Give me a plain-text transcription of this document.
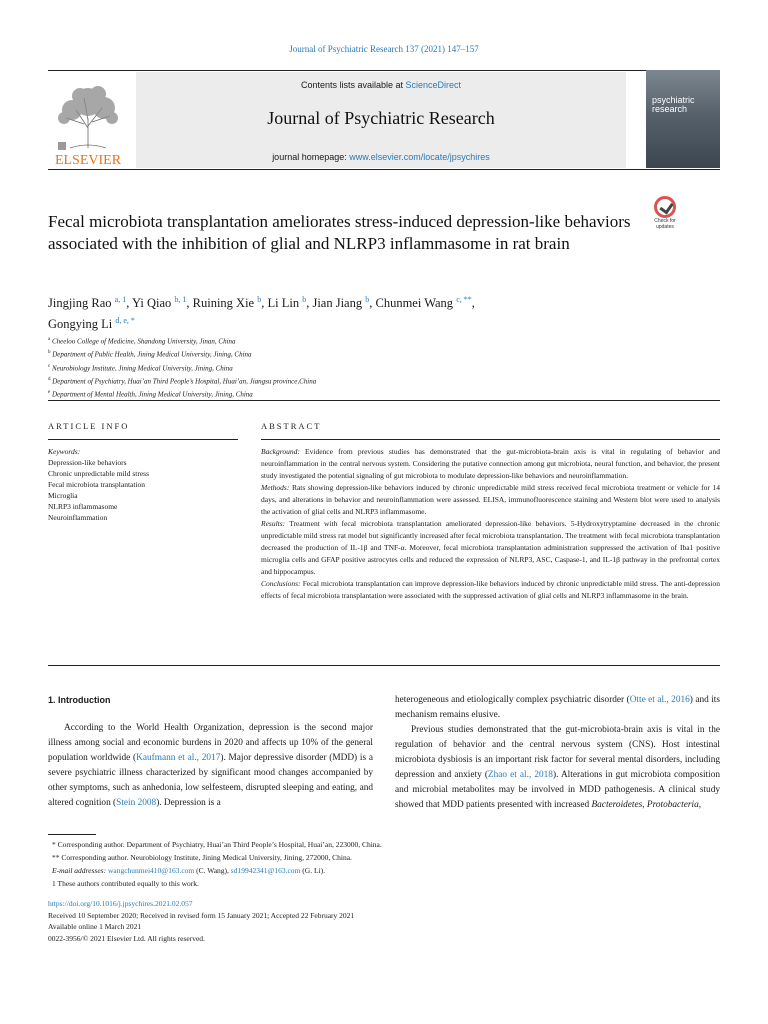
Journal of Psychiatric Research 137 (2021) 147–157
ELSEVIER
Contents lists available at ScienceDirect
Journal of Psychiatric Research
journal homepage: www.elsevier.com/locate/jpsychires
psychiatric
research
Check for
updates
Fecal microbiota transplantation ameliorates stress-induced depression-like behaviors associated with the inhibition of glial and NLRP3 inflammasome in rat brain
Jingjing Rao $^{a, 1}$, Yi Qiao $^{b, 1}$, Ruining Xie $^b$, Li Lin $^b$, Jian Jiang $^b$, Chunmei Wang $^{c, **}$,
Gongying Li $^{d, e, *}$
$^a$ Cheeloo College of Medicine, Shandong University, Jinan, China
$^b$ Department of Public Health, Jining Medical University, Jining, China
$^c$ Neurobiology Institute, Jining Medical University, Jining, China
$^d$ Department of Psychiatry, Huai’an Third People’s Hospital, Huai’an, Jiangsu province,China
$^e$ Department of Mental Health, Jining Medical University, Jining, China
ARTICLE INFO	ABSTRACT
Keywords:
Depression-like behaviors
Chronic unpredictable mild stress
Fecal microbiota transplantation
Microglia
NLRP3 inflammasome
Neuroinflammation

Background: Evidence from previous studies has demonstrated that the gut-microbiota-brain axis is vital in regulating of behavior and neuroinflammation in the central nervous system. Considering the putative connection among gut microbiota, neural function, and behavior, the present study investigated the potential signaling of gut microbiota to modulate depression-like behaviors and neuroinflammation.

Methods: Rats showing depression-like behaviors induced by chronic unpredictable mild stress received fecal microbiota treatment or vehicle for 14 days, and alterations in behavior and neuroinflammation were assessed. ELISA, immunofluorescence staining and Western blot were used to analysis the activation of glial cells and NLRP3 inflammasome.

Results: Treatment with fecal microbiota transplantation ameliorated depression-like behaviors. 5-Hydroxytryptamine decreased in the chronic unpredictable mild stress rat model but significantly increased after fecal microbiota transplantation. The treatment with fecal microbiota transplantation decreased the production of IL-1β and TNF-α. Moreover, fecal microbiota transplantation administration suppressed the activation of Iba1 positive microglia cells and GFAP positive astrocytes cells and reduced the expression of NLRP3, ASC, Caspase-1, and IL-1β pathway in the prefrontal cortex and hippocampus.

Conclusions: Fecal microbiota transplantation can improve depression-like behaviors induced by chronic unpredictable mild stress. The anti-depression effects of fecal microbiota transplantation were associated with the suppressed activation of glial cells and NLRP3 inflammasome in the brain.

1. Introduction

According to the World Health Organization, depression is the second major illness among social and economic burdens in 2020 and affects up 10% of the general population worldwide (Kaufmann et al., 2017). Major depressive disorder (MDD) is a severe psychiatric illness characterized by significant mood changes accompanied by other symptoms, such as anhedonia, low selfesteem, disrupted sleeping and eating, and altered cognition (Stein 2008). Depression is a

heterogeneous and etiologically complex psychiatric disorder (Otte et al., 2016) and its mechanism remains elusive.

Previous studies demonstrated that the gut-microbiota-brain axis is vital in the regulation of behavior and the central nervous system (CNS). Host intestinal microbiota dysbiosis is an important risk factor for several mental disorders, including depression and anxiety (Zhao et al., 2018). Alterations in gut microbiota composition and microbial metabolites may be involved in MDD pathogenesis. A clinical study showed that MDD patients presented with increased Bacteroidetes, Protobacteria,

* Corresponding author. Department of Psychiatry, Huai’an Third People’s Hospital, Huai’an, 223000, China.
** Corresponding author. Neurobiology Institute, Jining Medical University, Jining, 272000, China.
E-mail addresses: wangchunmei410@163.com (C. Wang), sd19942341@163.com (G. Li).
1 These authors contributed equally to this work.
https://doi.org/10.1016/j.jpsychires.2021.02.057
Received 10 September 2020; Received in revised form 15 January 2021; Accepted 22 February 2021
Available online 1 March 2021
0022-3956/© 2021 Elsevier Ltd. All rights reserved.
